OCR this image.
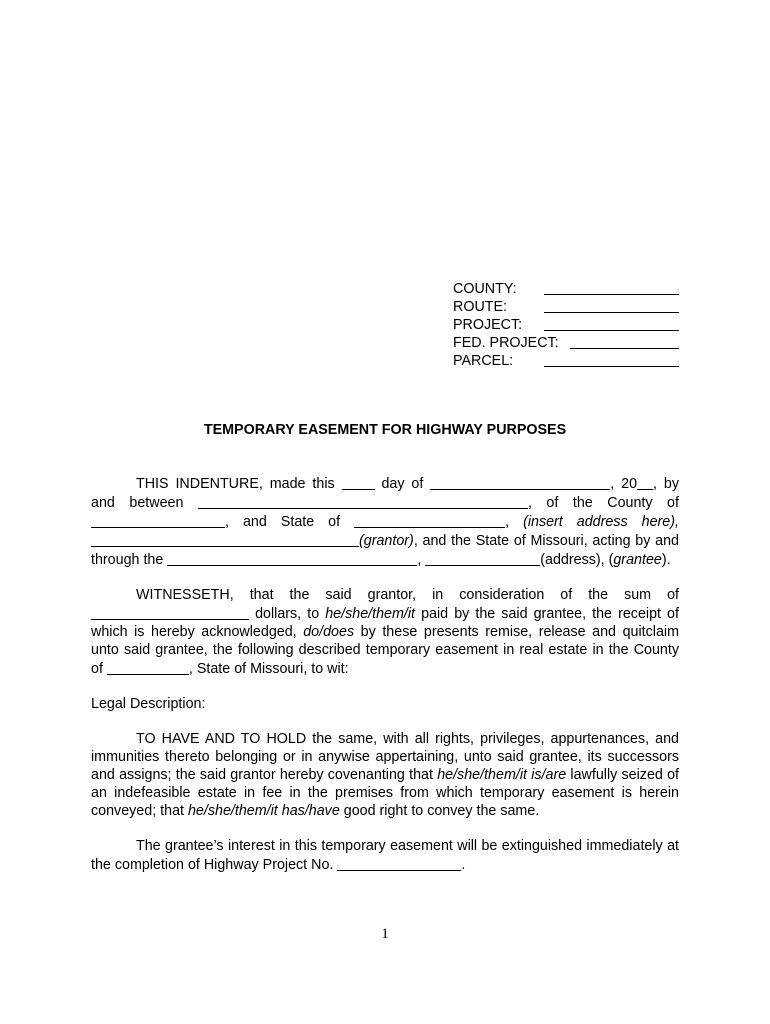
COUNTY:
ROUTE:
PROJECT:
FED. PROJECT:
PARCEL:
TEMPORARY EASEMENT FOR HIGHWAY PURPOSES

THIS INDENTURE, made this  day of	, 20 , by and between	, of the County of , and State of	, (insert address here), (grantor), and the State of Missouri, acting by and through the	,	(address), (grantee).

WITNESSETH, that the said grantor, in consideration of the sum of  dollars, to he/she/them/it paid by the said grantee, the receipt of which is hereby acknowledged, do/does by these presents remise, release and quitclaim unto said grantee, the following described temporary easement in real estate in the County of	, State of Missouri, to wit:

Legal Description:

TO HAVE AND TO HOLD the same, with all rights, privileges, appurtenances, and immunities thereto belonging or in anywise appertaining, unto said grantee, its successors and assigns; the said grantor hereby covenanting that he/she/them/it is/are lawfully seized of an indefeasible estate in fee in the premises from which temporary easement is herein conveyed; that he/she/them/it has/have good right to convey the same.

The grantee’s interest in this temporary easement will be extinguished immediately at the completion of Highway Project No.	.

1
